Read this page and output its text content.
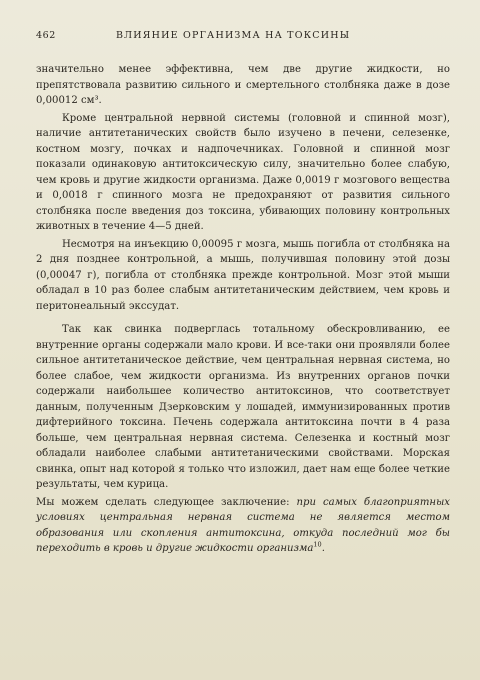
462	ВЛИЯНИЕ ОРГАНИЗМА НА ТОКСИНЫ

значительно менее эффективна, чем две другие жидкости, но препятствовала развитию сильного и смертельного столбняка даже в дозе 0,00012 см³.

Кроме центральной нервной системы (головной и спинной мозг), наличие антитетанических свойств было изучено в печени, селезенке, костном мозгу, почках и надпочечниках. Головной и спинной мозг показали одинаковую антитоксическую силу, значительно более слабую, чем кровь и другие жидкости организма. Даже 0,0019 г мозгового вещества и 0,0018 г спинного мозга не предохраняют от развития сильного столбняка после введения доз токсина, убивающих половину контрольных животных в течение 4—5 дней.

Несмотря на инъекцию 0,00095 г мозга, мышь погибла от столбняка на 2 дня позднее контрольной, а мышь, получившая половину этой дозы (0,00047 г), погибла от столбняка прежде контрольной. Мозг этой мыши обладал в 10 раз более слабым антитетаническим действием, чем кровь и перитонеальный экссудат.

Так как свинка подверглась тотальному обескровливанию, ее внутренние органы содержали мало крови. И все-таки они проявляли более сильное антитетаническое действие, чем центральная нервная система, но более слабое, чем жидкости организма. Из внутренних органов почки содержали наибольшее количество антитоксинов, что соответствует данным, полученным Дзерковским у лошадей, иммунизированных против дифтерийного токсина. Печень содержала антитоксина почти в 4 раза больше, чем центральная нервная система. Селезенка и костный мозг обладали наиболее слабыми антитетаническими свойствами. Морская свинка, опыт над которой я только что изложил, дает нам еще более четкие результаты, чем курица.

Мы можем сделать следующее заключение: при самых благоприятных условиях центральная нервная система не является местом образования или скопления антитоксина, откуда последний мог бы переходить в кровь и другие жидкости организма$^{10}$.
